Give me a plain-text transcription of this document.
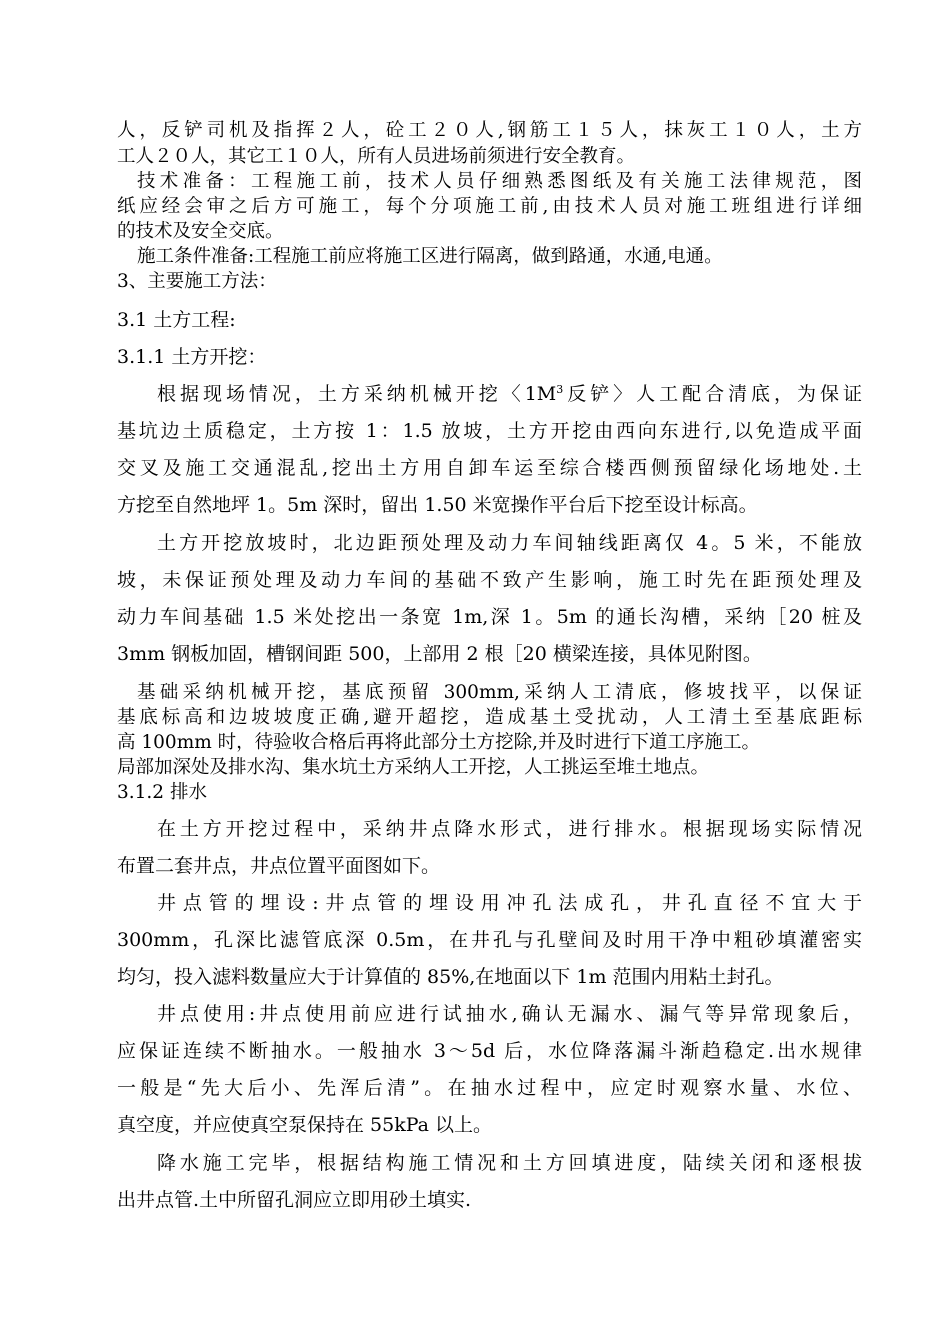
人，反铲司机及指挥２人，砼工２０人,钢筋工１５人，抹灰工１０人，土方

工人２０人，其它工１０人，所有人员进场前须进行安全教育。

技术准备：工程施工前，技术人员仔细熟悉图纸及有关施工法律规范，图

纸应经会审之后方可施工，每个分项施工前,由技术人员对施工班组进行详细

的技术及安全交底。

施工条件准备:工程施工前应将施工区进行隔离，做到路通，水通,电通。

3、主要施工方法：

3.1 土方工程:

3.1.1 土方开挖：

根据现场情况，土方采纳机械开挖〈$1M^3$反铲〉人工配合清底，为保证

基坑边土质稳定，土方按 1：1.5 放坡，土方开挖由西向东进行,以免造成平面

交叉及施工交通混乱,挖出土方用自卸车运至综合楼西侧预留绿化场地处.土

方挖至自然地坪 1。5m 深时，留出 1.50 米宽操作平台后下挖至设计标高。

土方开挖放坡时，北边距预处理及动力车间轴线距离仅 4。5 米，不能放

坡，未保证预处理及动力车间的基础不致产生影响，施工时先在距预处理及

动力车间基础 1.5 米处挖出一条宽 1m,深 1。5m 的通长沟槽，采纳［20 桩及

3mm 钢板加固，槽钢间距 500，上部用 2 根［20 横梁连接，具体见附图。

基础采纳机械开挖，基底预留 300mm,采纳人工清底，修坡找平，以保证

基底标高和边坡坡度正确,避开超挖，造成基土受扰动，人工清土至基底距标

高 100mm 时，待验收合格后再将此部分土方挖除,并及时进行下道工序施工。

局部加深处及排水沟、集水坑土方采纳人工开挖，人工挑运至堆土地点。

3.1.2 排水

在土方开挖过程中，采纳井点降水形式，进行排水。根据现场实际情况

布置二套井点，井点位置平面图如下。

井点管的埋设:井点管的埋设用冲孔法成孔，井孔直径不宜大于

300mm，孔深比滤管底深 0.5m，在井孔与孔壁间及时用干净中粗砂填灌密实

均匀，投入滤料数量应大于计算值的 85%,在地面以下 1m 范围内用粘土封孔。

井点使用:井点使用前应进行试抽水,确认无漏水、漏气等异常现象后，

应保证连续不断抽水。一般抽水 3～5d 后，水位降落漏斗渐趋稳定.出水规律

一般是“先大后小、先浑后清”。在抽水过程中，应定时观察水量、水位、

真空度，并应使真空泵保持在 55kPa 以上。

降水施工完毕，根据结构施工情况和土方回填进度，陆续关闭和逐根拔

出井点管.土中所留孔洞应立即用砂土填实.
